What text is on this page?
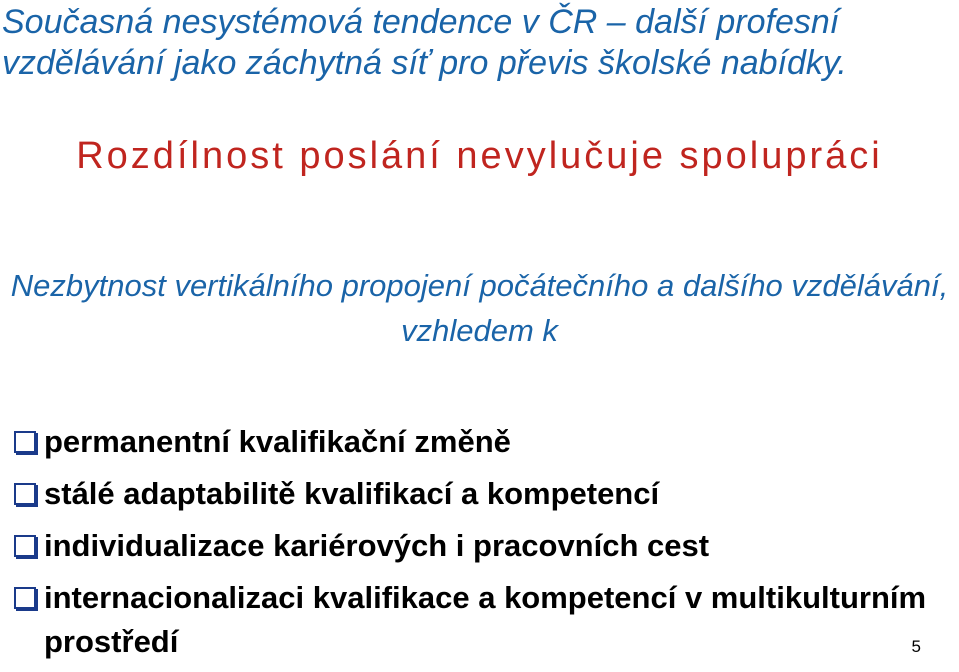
Současná nesystémová tendence v ČR – další profesní vzdělávání jako záchytná síť pro převis školské nabídky.
Rozdílnost poslání nevylučuje spolupráci

Nezbytnost vertikálního propojení počátečního a dalšího vzdělávání, vzhledem k

permanentní kvalifikační změně
stálé adaptabilitě kvalifikací a kompetencí
individualizace kariérových i pracovních cest
internacionalizaci kvalifikace a kompetencí v multikulturním prostředí	5
